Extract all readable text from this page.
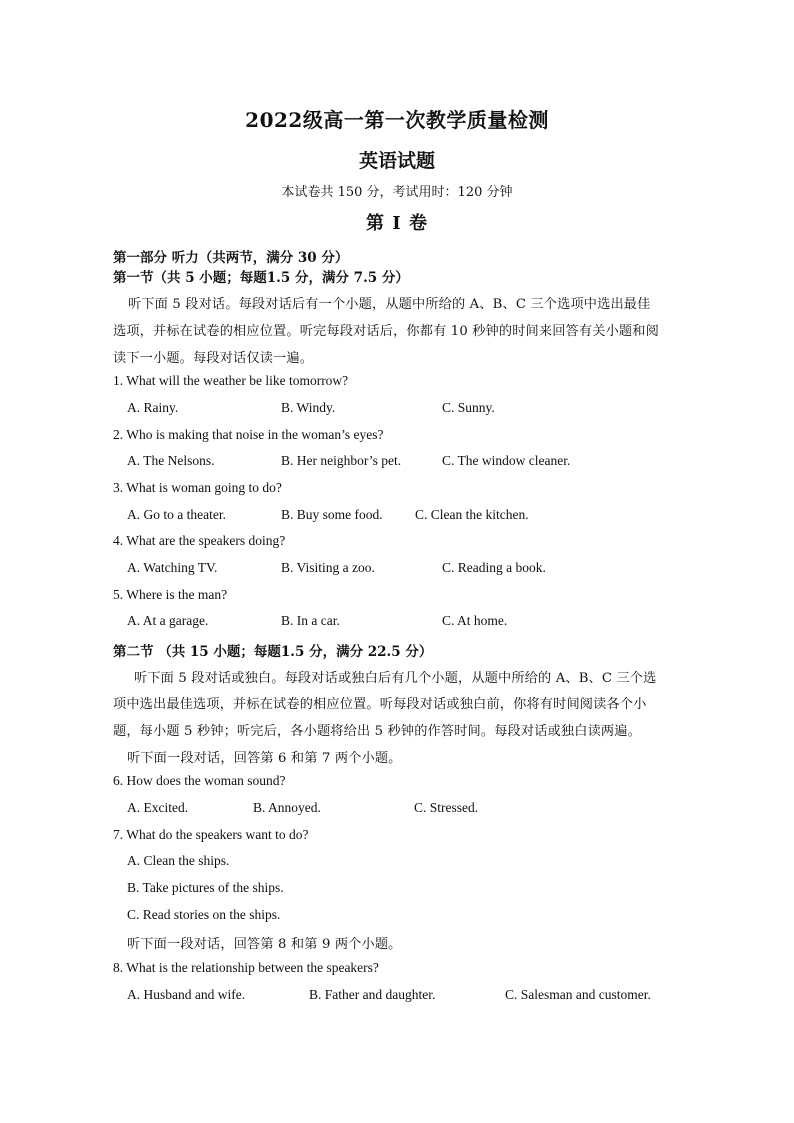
2022级高一第一次教学质量检测
英语试题
本试卷共 150 分，考试用时：120 分钟
第 I 卷
第一部分 听力（共两节，满分 30 分）
第一节（共 5 小题；每题1.5 分，满分 7.5 分）
听下面 5 段对话。每段对话后有一个小题，从题中所给的 A、B、C 三个选项中选出最佳
选项，并标在试卷的相应位置。听完每段对话后，你都有 10 秒钟的时间来回答有关小题和阅
读下一小题。每段对话仅读一遍。
1. What will the weather be like tomorrow?
A. Rainy.	B. Windy.	C. Sunny.
2. Who is making that noise in the woman’s eyes?
A. The Nelsons.	B. Her neighbor’s pet.	C. The window cleaner.
3. What is woman going to do?
A. Go to a theater.	B. Buy some food. C. Clean the kitchen.
4. What are the speakers doing?
A. Watching TV.	B. Visiting a zoo.	C. Reading a book.
5. Where is the man?
A. At a garage.	B. In a car.	C. At home.
第二节 （共 15 小题；每题1.5 分，满分 22.5 分）
听下面 5 段对话或独白。每段对话或独白后有几个小题，从题中所给的 A、B、C 三个选
项中选出最佳选项，并标在试卷的相应位置。听每段对话或独白前，你将有时间阅读各个小
题，每小题 5 秒钟；听完后，各小题将给出 5 秒钟的作答时间。每段对话或独白读两遍。
听下面一段对话，回答第 6 和第 7 两个小题。
6. How does the woman sound?
A. Excited.	B. Annoyed.	C. Stressed.
7. What do the speakers want to do?
A. Clean the ships.
B. Take pictures of the ships.
C. Read stories on the ships.
听下面一段对话，回答第 8 和第 9 两个小题。
8. What is the relationship between the speakers?
A. Husband and wife.	B. Father and daughter.	C. Salesman and customer.
